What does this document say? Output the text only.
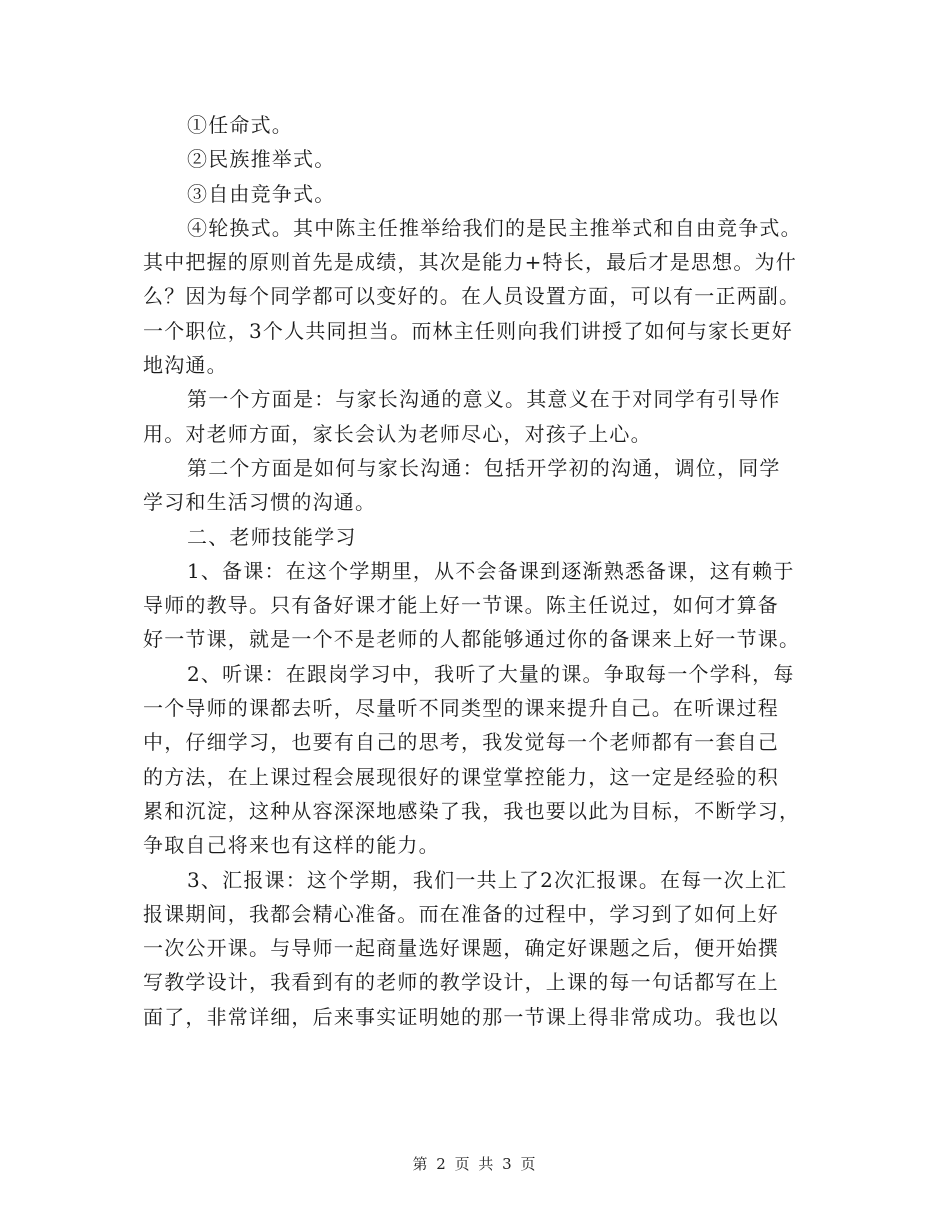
①任命式。
②民族推举式。
③自由竞争式。
④轮换式。其中陈主任推举给我们的是民主推举式和自由竞争式。
其中把握的原则首先是成绩，其次是能力+特长，最后才是思想。为什
么？因为每个同学都可以变好的。在人员设置方面，可以有一正两副。
一个职位，3个人共同担当。而林主任则向我们讲授了如何与家长更好
地沟通。
第一个方面是：与家长沟通的意义。其意义在于对同学有引导作
用。对老师方面，家长会认为老师尽心，对孩子上心。
第二个方面是如何与家长沟通：包括开学初的沟通，调位，同学
学习和生活习惯的沟通。
二、老师技能学习
1、备课：在这个学期里，从不会备课到逐渐熟悉备课，这有赖于
导师的教导。只有备好课才能上好一节课。陈主任说过，如何才算备
好一节课，就是一个不是老师的人都能够通过你的备课来上好一节课。
2、听课：在跟岗学习中，我听了大量的课。争取每一个学科，每
一个导师的课都去听，尽量听不同类型的课来提升自己。在听课过程
中，仔细学习，也要有自己的思考，我发觉每一个老师都有一套自己
的方法，在上课过程会展现很好的课堂掌控能力，这一定是经验的积
累和沉淀，这种从容深深地感染了我，我也要以此为目标，不断学习，
争取自己将来也有这样的能力。
3、汇报课：这个学期，我们一共上了2次汇报课。在每一次上汇
报课期间，我都会精心准备。而在准备的过程中，学习到了如何上好
一次公开课。与导师一起商量选好课题，确定好课题之后，便开始撰
写教学设计，我看到有的老师的教学设计，上课的每一句话都写在上
面了，非常详细，后来事实证明她的那一节课上得非常成功。我也以
第 2 页 共 3 页
